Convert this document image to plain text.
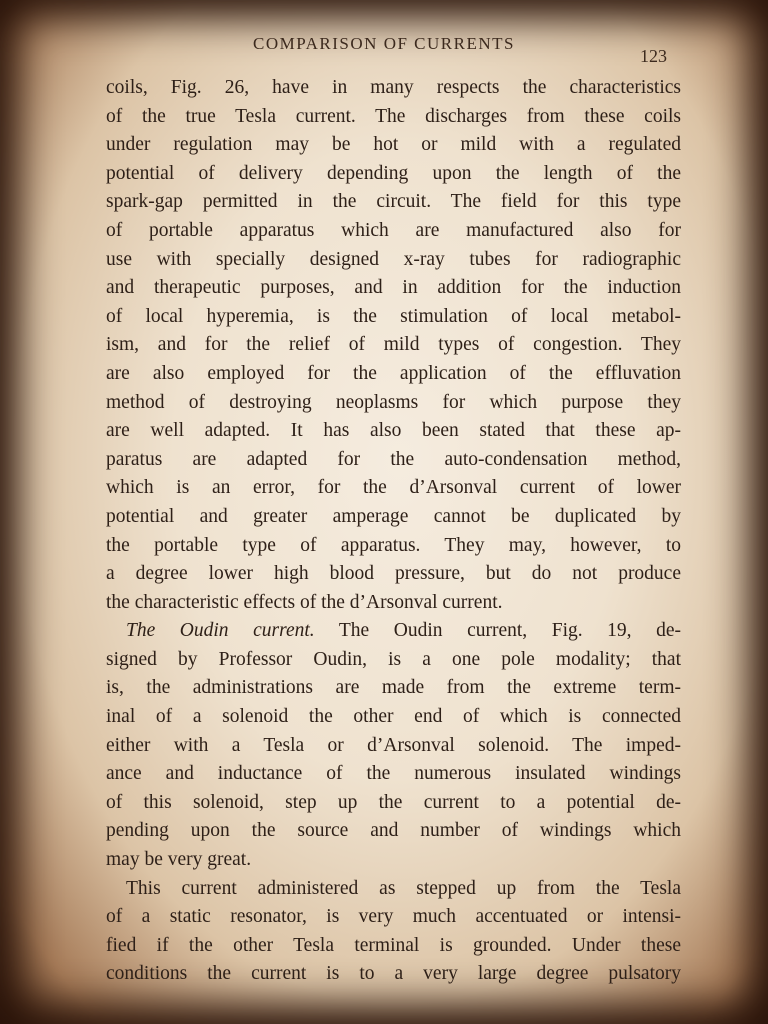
COMPARISON OF CURRENTS
123
coils, Fig. 26, have in many respects the characteristics
of the true Tesla current. The discharges from these coils
under regulation may be hot or mild with a regulated
potential of delivery depending upon the length of the
spark-gap permitted in the circuit. The field for this type
of portable apparatus which are manufactured also for
use with specially designed x-ray tubes for radiographic
and therapeutic purposes, and in addition for the induction
of local hyperemia, is the stimulation of local metabol-
ism, and for the relief of mild types of congestion. They
are also employed for the application of the effluvation
method of destroying neoplasms for which purpose they
are well adapted. It has also been stated that these ap-
paratus are adapted for the auto-condensation method,
which is an error, for the d’Arsonval current of lower
potential and greater amperage cannot be duplicated by
the portable type of apparatus. They may, however, to
a degree lower high blood pressure, but do not produce
the characteristic effects of the d’Arsonval current.
The Oudin current. The Oudin current, Fig. 19, de-
signed by Professor Oudin, is a one pole modality; that
is, the administrations are made from the extreme term-
inal of a solenoid the other end of which is connected
either with a Tesla or d’Arsonval solenoid. The imped-
ance and inductance of the numerous insulated windings
of this solenoid, step up the current to a potential de-
pending upon the source and number of windings which
may be very great.
This current administered as stepped up from the Tesla
of a static resonator, is very much accentuated or intensi-
fied if the other Tesla terminal is grounded. Under these
conditions the current is to a very large degree pulsatory
